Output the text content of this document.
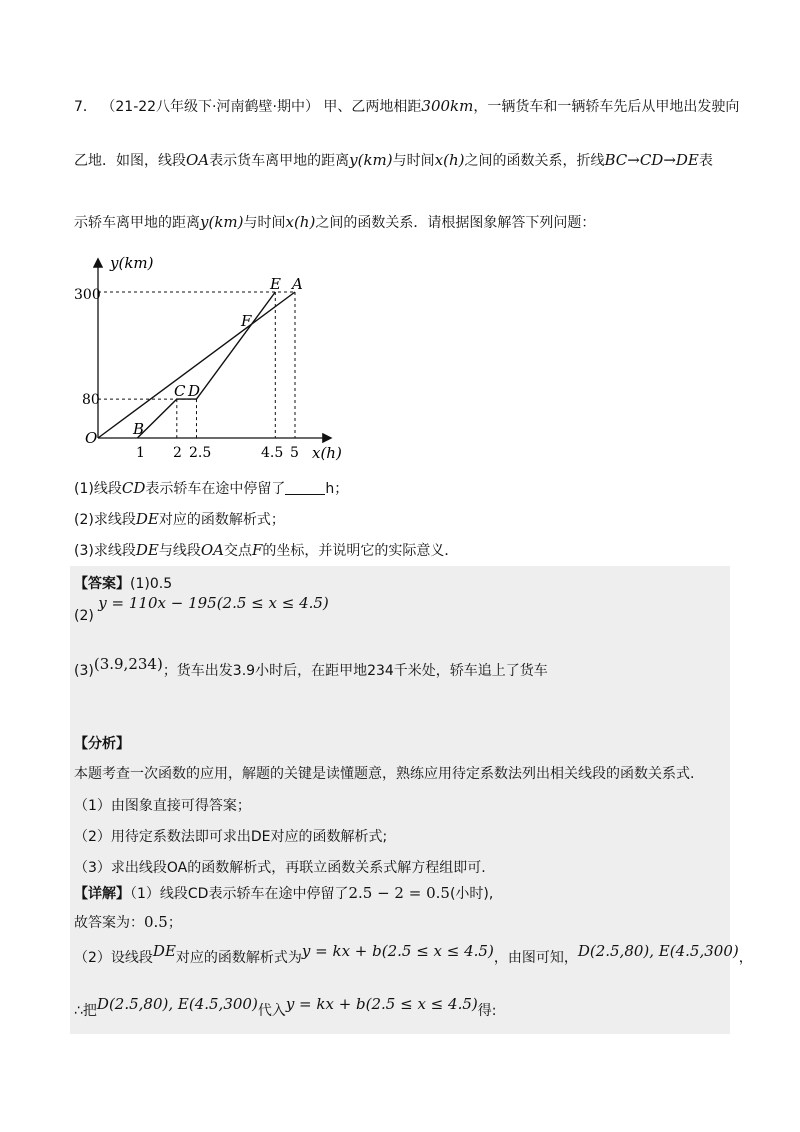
7． （21-22八年级下·河南鹤壁·期中） 甲、乙两地相距300km，一辆货车和一辆轿车先后从甲地出发驶向
乙地．如图，线段OA表示货车离甲地的距离y(km)与时间x(h)之间的函数关系，折线BC→CD→DE表
示轿车离甲地的距离y(km)与时间x(h)之间的函数关系．请根据图象解答下列问题：
y(km)
x(h)
O
300
80
1 2 2.5	4.5 5
E A
F
C D
B
(1)线段CD表示轿车在途中停留了	h；
(2)求线段DE对应的函数解析式；
(3)求线段DE与线段OA交点F的坐标，并说明它的实际意义．
【答案】(1)0.5
(2) y = 110x − 195(2.5 ≤ x ≤ 4.5)
(3)(3.9,234)；货车出发3.9小时后，在距甲地234千米处，轿车追上了货车
【分析】
本题考查一次函数的应用，解题的关键是读懂题意，熟练应用待定系数法列出相关线段的函数关系式.
（1）由图象直接可得答案；
（2）用待定系数法即可求出DE对应的函数解析式;
（3）求出线段OA的函数解析式，再联立函数关系式解方程组即可.
【详解】（1）线段CD表示轿车在途中停留了2.5 − 2 = 0.5(小时),
故答案为：0.5；
（2）设线段DE对应的函数解析式为y = kx + b(2.5 ≤ x ≤ 4.5)，由图可知，D(2.5,80), E(4.5,300)，
∴把D(2.5,80), E(4.5,300)代入y = kx + b(2.5 ≤ x ≤ 4.5)得:
